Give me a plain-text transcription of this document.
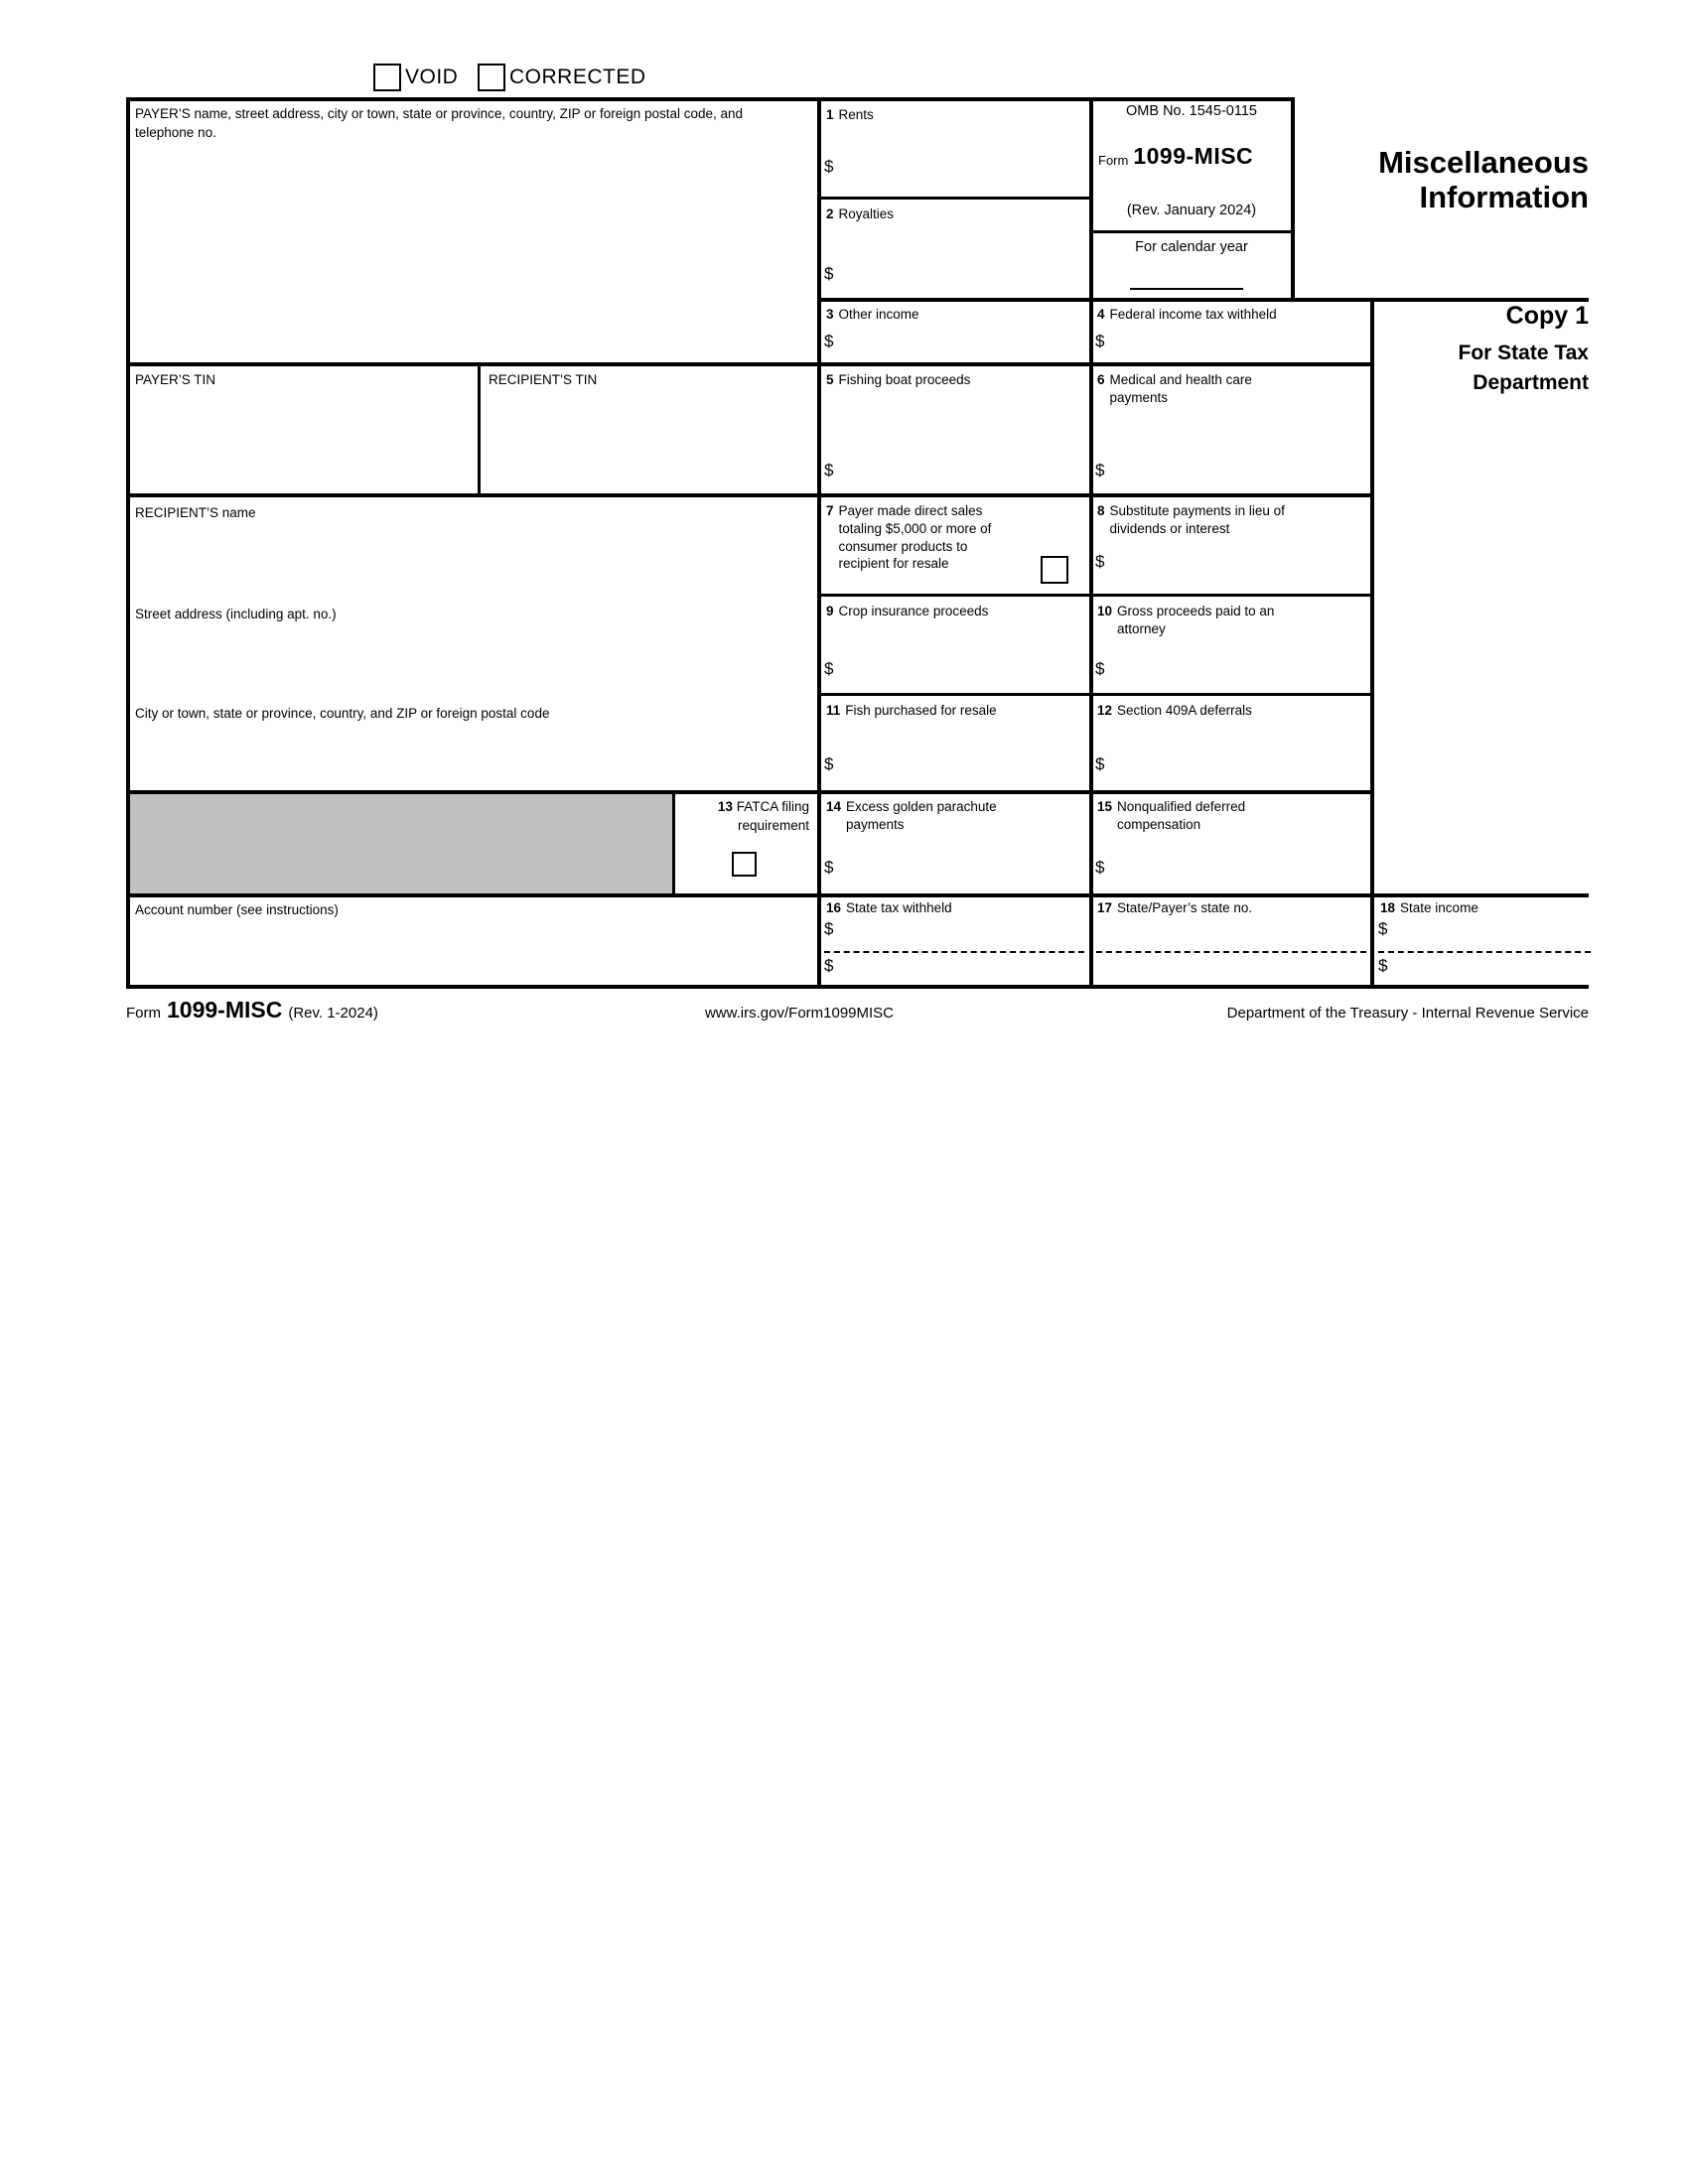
VOID CORRECTED
PAYER’S name, street address, city or town, state or province, country, ZIP or foreign postal code, and telephone no.
PAYER’S TIN	RECIPIENT’S TIN
RECIPIENT’S name
Street address (including apt. no.)
City or town, state or province, country, and ZIP or foreign postal code
Account number (see instructions)
13 FATCA filing
requirement
1 Rents
$
2 Royalties
$
3 Other income
$
4 Federal income tax withheld
$
5 Fishing boat proceeds
$
6 Medical and health care payments
$
7 Payer made direct sales totaling $5,000 or more of consumer products to recipient for resale
8 Substitute payments in lieu of dividends or interest
$
9 Crop insurance proceeds
$
10 Gross proceeds paid to an attorney
$
11 Fish purchased for resale
$
12 Section 409A deferrals
$
14 Excess golden parachute payments
$
15 Nonqualified deferred compensation
$
16 State tax withheld
$
$
17 State/Payer’s state no.	18 State income
$
$
OMB No. 1545-0115
Form 1099-MISC
(Rev. January 2024)
For calendar year
Miscellaneous
Information
Copy 1
For State Tax
Department
Form 1099-MISC (Rev. 1-2024)	www.irs.gov/Form1099MISC	Department of the Treasury - Internal Revenue Service
